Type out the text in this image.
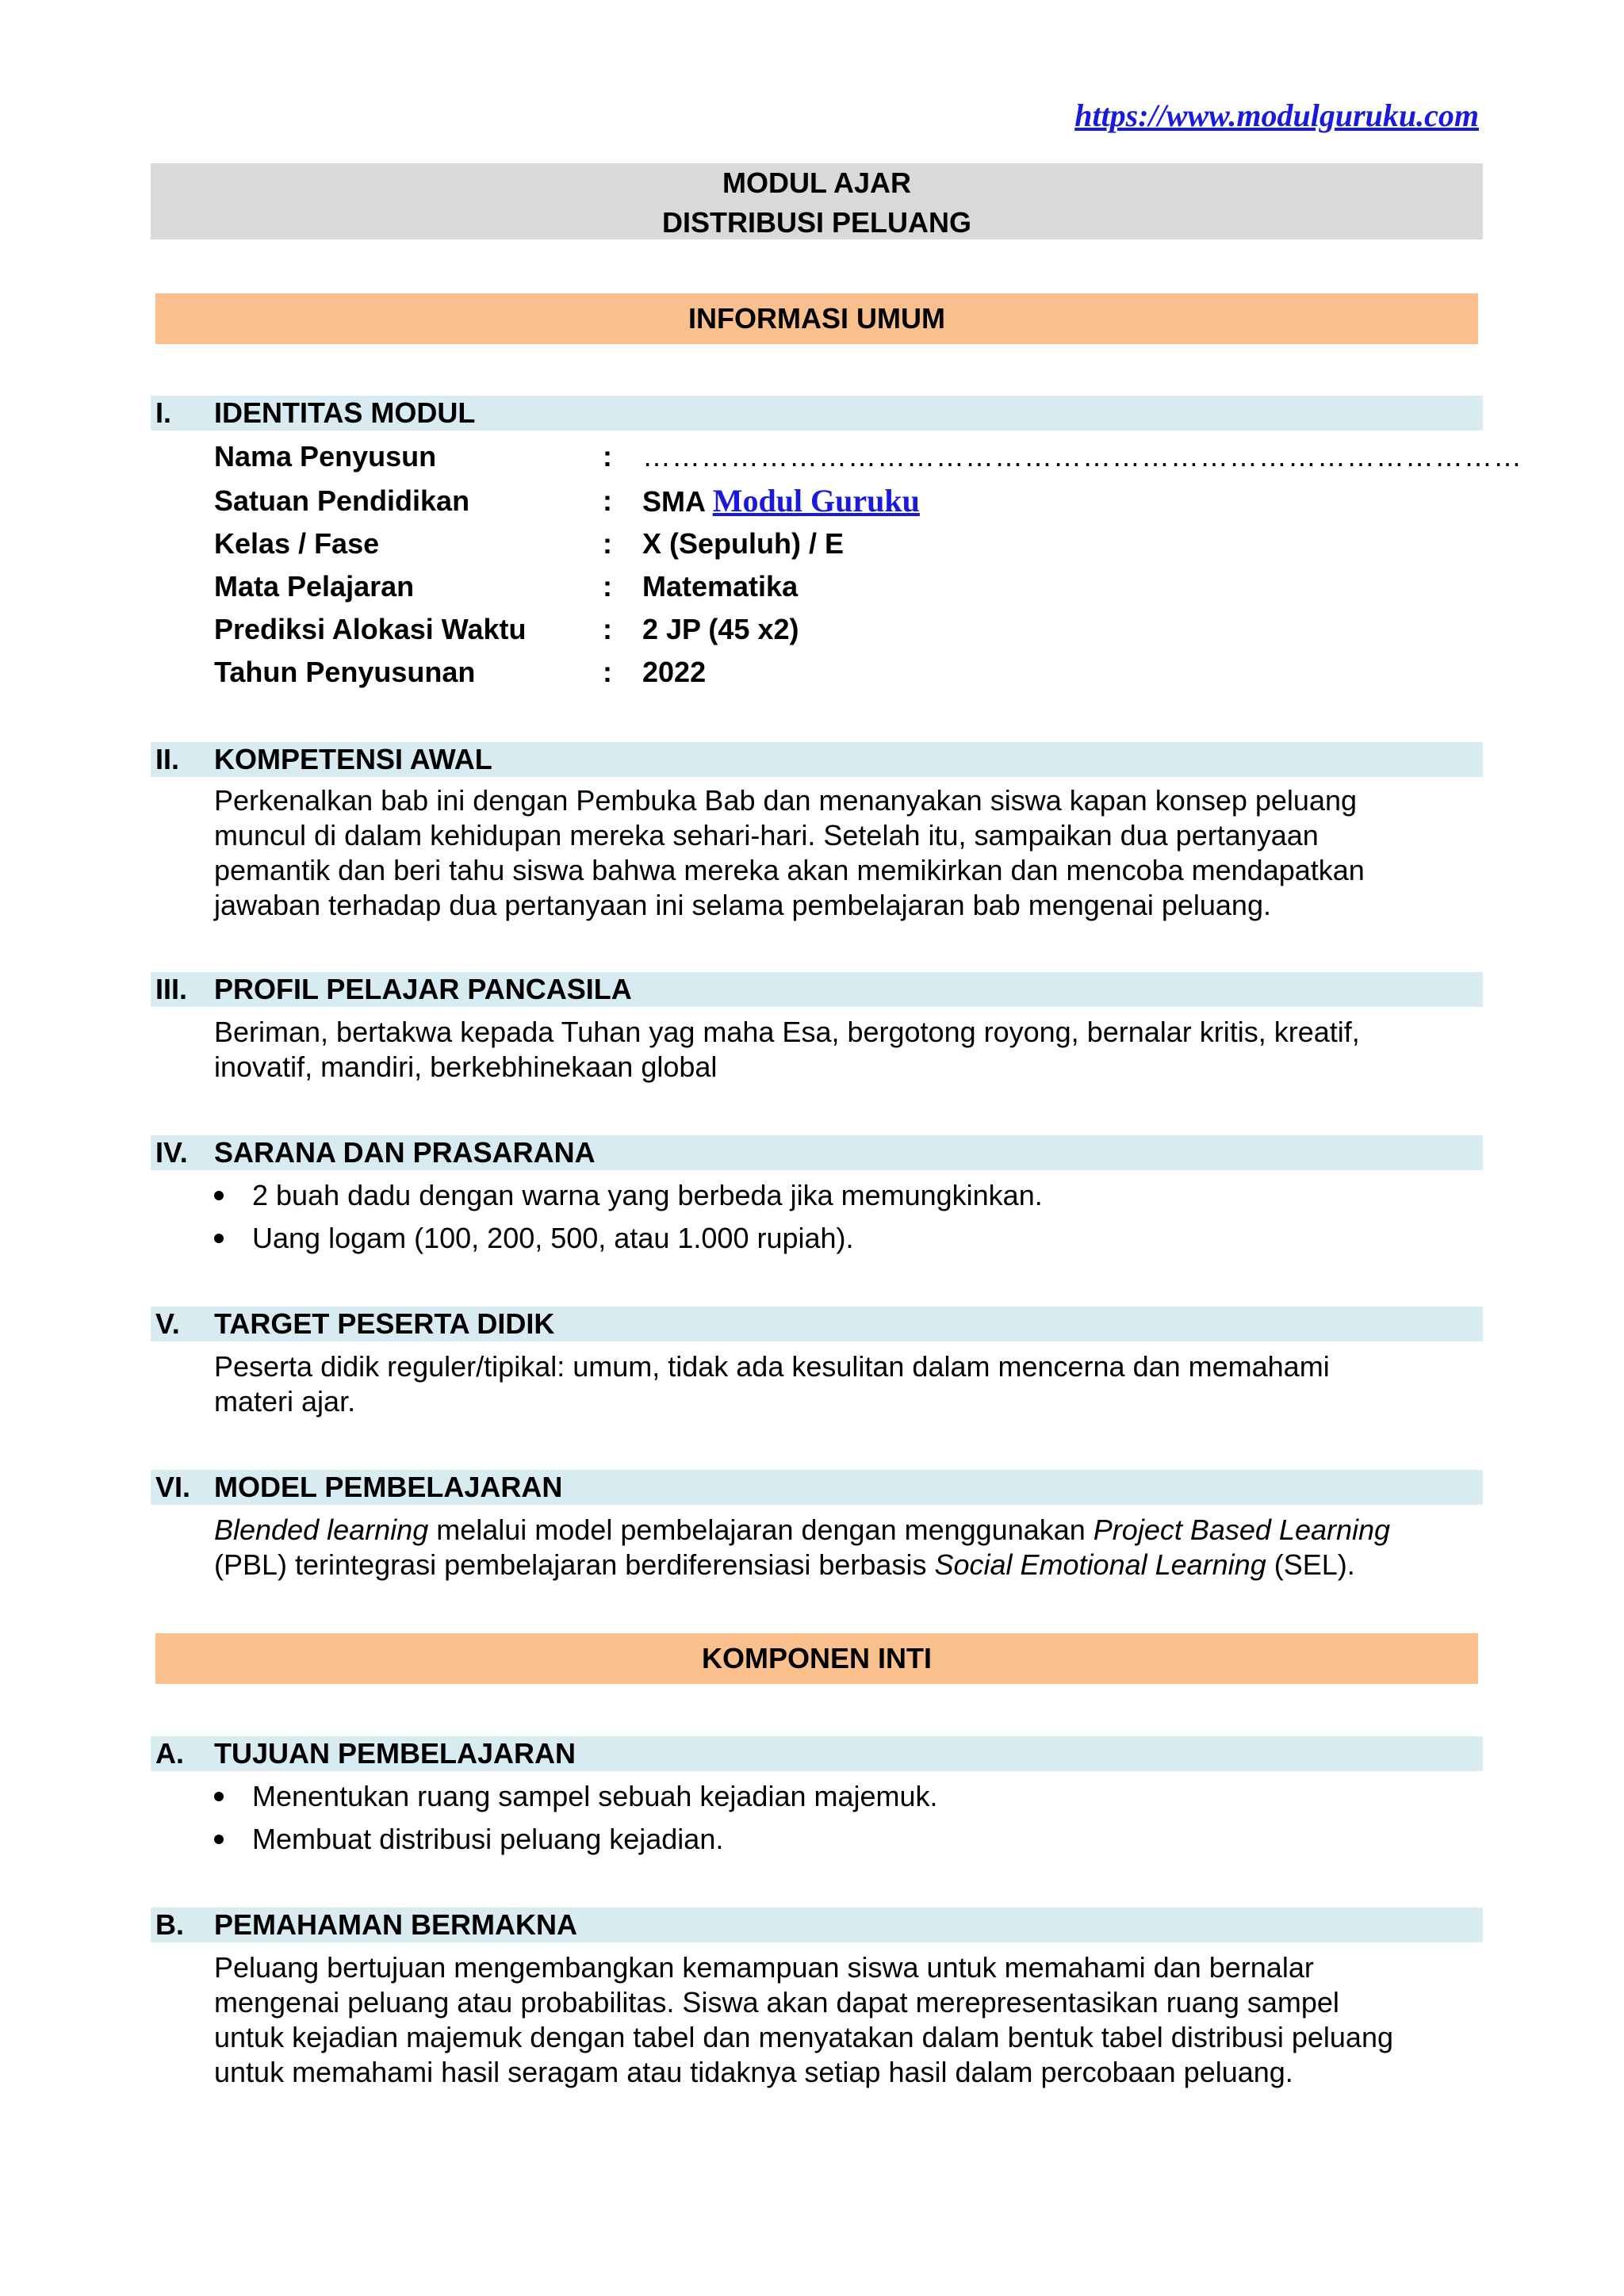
https://www.modulguruku.com
MODUL AJAR
DISTRIBUSI PELUANG
INFORMASI UMUM
I. IDENTITAS MODUL
Nama Penyusun	: ………………………………………………………………………………
Satuan Pendidikan	: SMA Modul Guruku
Kelas / Fase	: X (Sepuluh) / E
Mata Pelajaran	: Matematika
Prediksi Alokasi Waktu	: 2 JP (45 x2)
Tahun Penyusunan	: 2022
II. KOMPETENSI AWAL
Perkenalkan bab ini dengan Pembuka Bab dan menanyakan siswa kapan konsep peluang
muncul di dalam kehidupan mereka sehari-hari. Setelah itu, sampaikan dua pertanyaan
pemantik dan beri tahu siswa bahwa mereka akan memikirkan dan mencoba mendapatkan
jawaban terhadap dua pertanyaan ini selama pembelajaran bab mengenai peluang.
III. PROFIL PELAJAR PANCASILA
Beriman, bertakwa kepada Tuhan yag maha Esa, bergotong royong, bernalar kritis, kreatif,
inovatif, mandiri, berkebhinekaan global
IV. SARANA DAN PRASARANA
2 buah dadu dengan warna yang berbeda jika memungkinkan.
Uang logam (100, 200, 500, atau 1.000 rupiah).
V. TARGET PESERTA DIDIK
Peserta didik reguler/tipikal: umum, tidak ada kesulitan dalam mencerna dan memahami
materi ajar.
VI. MODEL PEMBELAJARAN
Blended learning melalui model pembelajaran dengan menggunakan Project Based Learning
(PBL) terintegrasi pembelajaran berdiferensiasi berbasis Social Emotional Learning (SEL).
KOMPONEN INTI
A. TUJUAN PEMBELAJARAN
Menentukan ruang sampel sebuah kejadian majemuk.
Membuat distribusi peluang kejadian.
B. PEMAHAMAN BERMAKNA
Peluang bertujuan mengembangkan kemampuan siswa untuk memahami dan bernalar
mengenai peluang atau probabilitas. Siswa akan dapat merepresentasikan ruang sampel
untuk kejadian majemuk dengan tabel dan menyatakan dalam bentuk tabel distribusi peluang
untuk memahami hasil seragam atau tidaknya setiap hasil dalam percobaan peluang.
